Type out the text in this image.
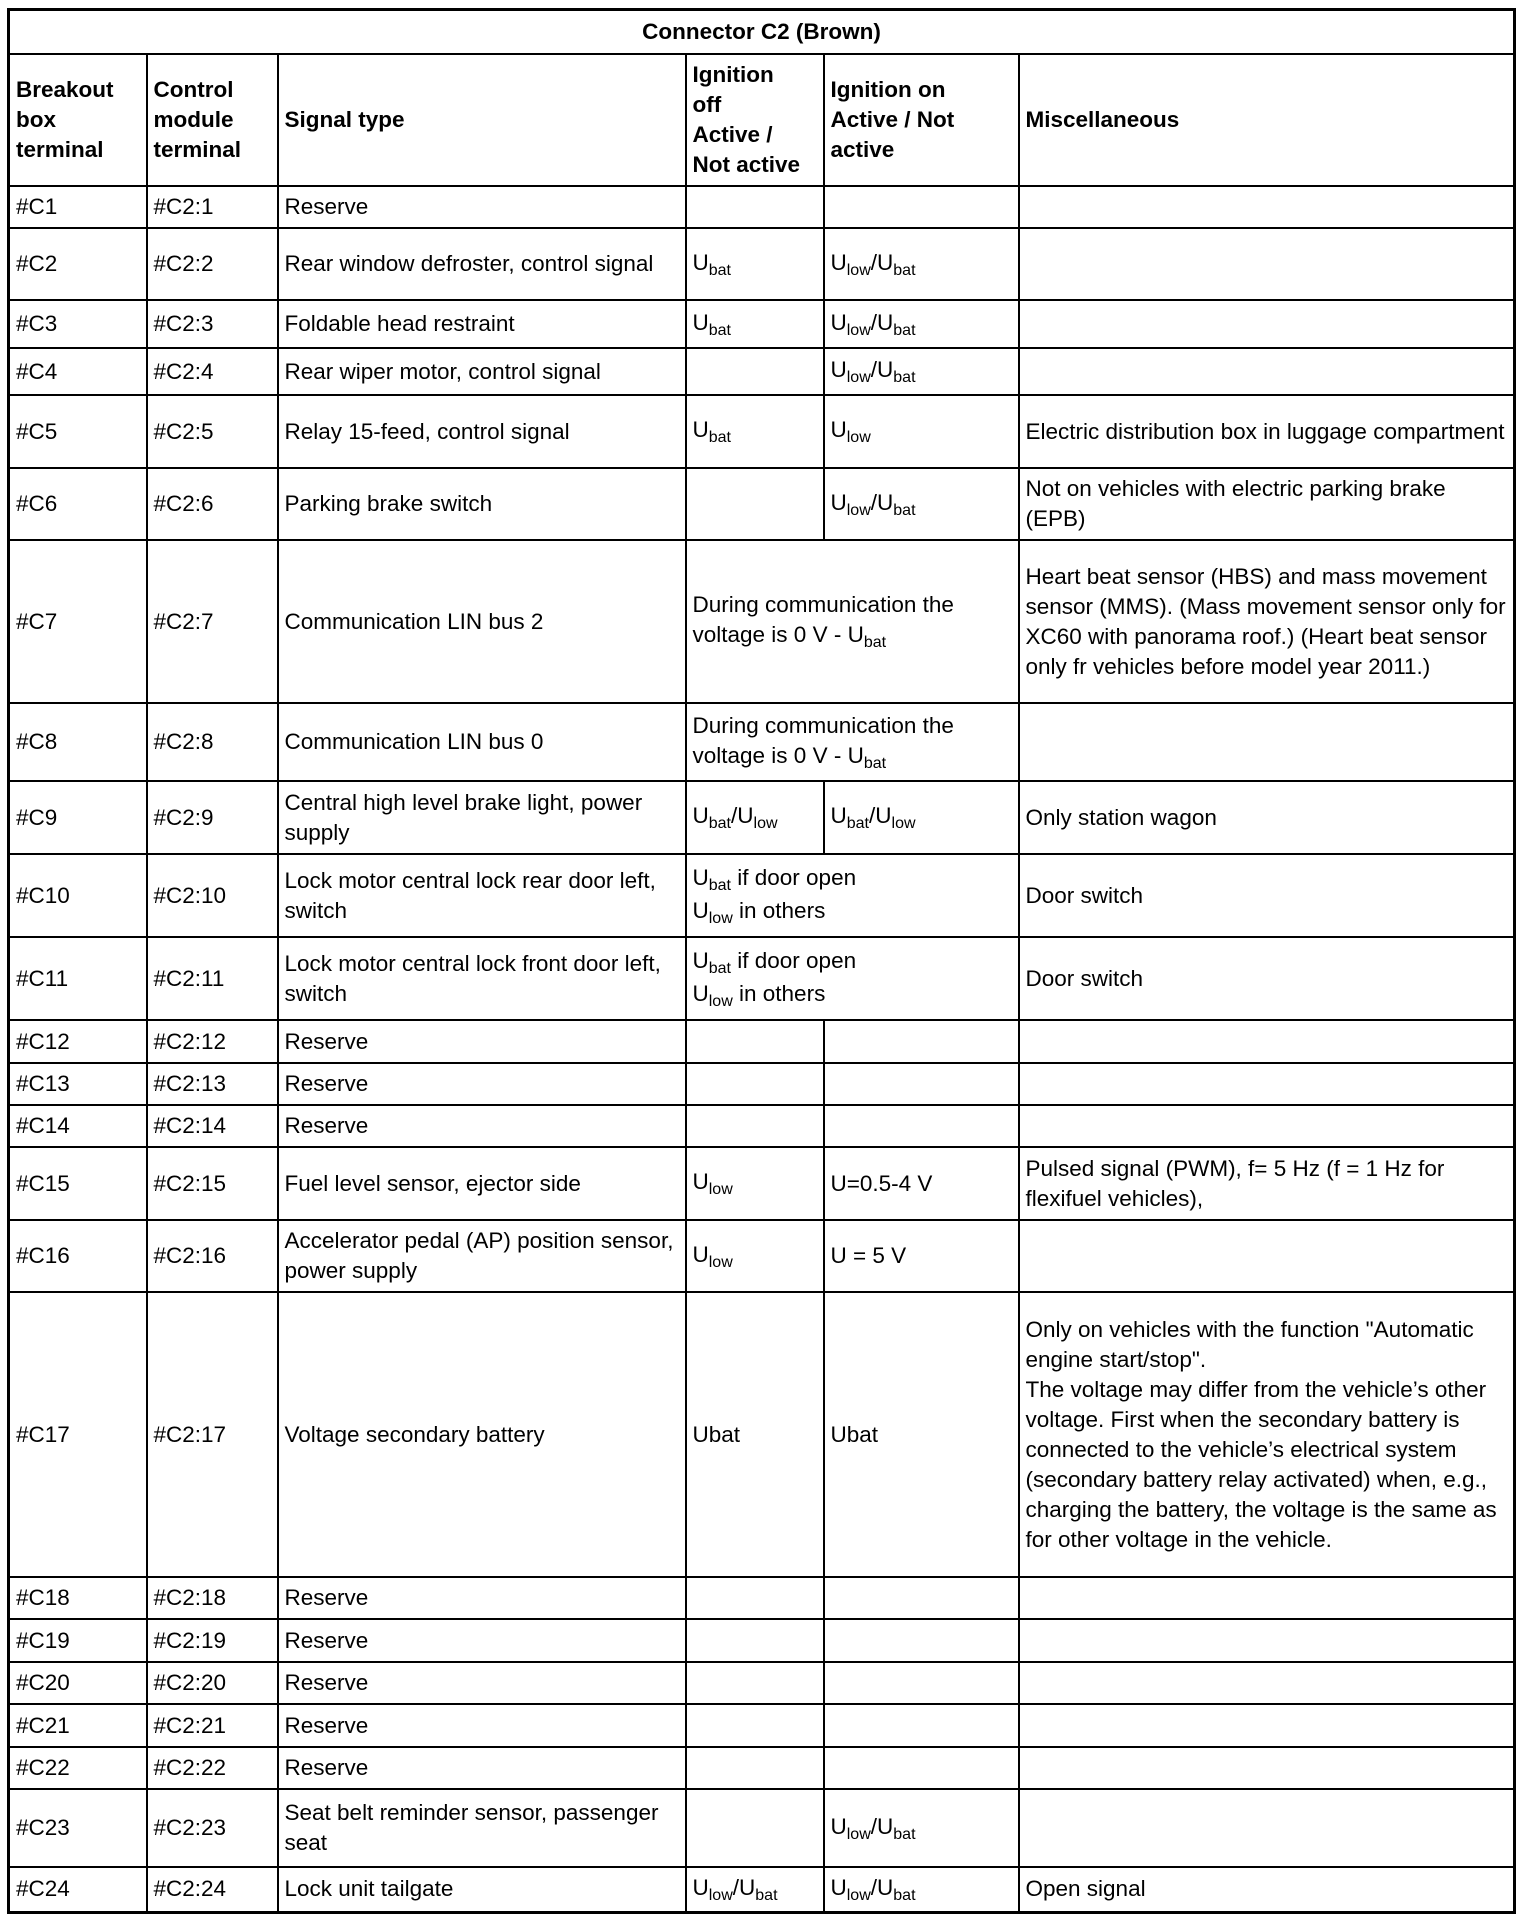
Connector C2 (Brown)					

Breakout
box
terminal	Control
module
terminal	Signal type	Ignition
off
Active /
Not active	Ignition on
Active / Not
active	Miscellaneous

#C1	#C2:1	Reserve			
#C2	#C2:2	Rear window defroster, control signal	$U_{bat}$	$U_{low}/U_{bat}$	
#C3	#C2:3	Foldable head restraint	$U_{bat}$	$U_{low}/U_{bat}$	
#C4	#C2:4	Rear wiper motor, control signal		$U_{low}/U_{bat}$	
#C5	#C2:5	Relay 15-feed, control signal	$U_{bat}$	$U_{low}$	Electric distribution box in luggage compartment
#C6	#C2:6	Parking brake switch		$U_{low}/U_{bat}$	Not on vehicles with electric parking brake (EPB)
#C7	#C2:7	Communication LIN bus 2	During communication the voltage is 0 V - $U_{bat}$		Heart beat sensor (HBS) and mass movement sensor (MMS). (Mass movement sensor only for XC60 with panorama roof.) (Heart beat sensor only fr vehicles before model year 2011.)
#C8	#C2:8	Communication LIN bus 0	During communication the voltage is 0 V - $U_{bat}$	
#C9	#C2:9	Central high level brake light, power supply	$U_{bat}/U_{low}$	$U_{bat}/U_{low}$	Only station wagon
#C10	#C2:10	Lock motor central lock rear door left, switch	$U_{bat}$ if door open
$U_{low}$ in others		Door switch
#C11	#C2:11	Lock motor central lock front door left, switch	$U_{bat}$ if door open
$U_{low}$ in others		Door switch
#C12	#C2:12	Reserve			
#C13	#C2:13	Reserve			
#C14	#C2:14	Reserve			
#C15	#C2:15	Fuel level sensor, ejector side	$U_{low}$	U=0.5-4 V	Pulsed signal (PWM), f= 5 Hz (f = 1 Hz for flexifuel vehicles),
#C16	#C2:16	Accelerator pedal (AP) position sensor, power supply	$U_{low}$	U = 5 V	
#C17	#C2:17	Voltage secondary battery	Ubat	Ubat	Only on vehicles with the function "Automatic engine start/stop".
The voltage may differ from the vehicle’s other voltage. First when the secondary battery is connected to the vehicle’s electrical system (secondary battery relay activated) when, e.g., charging the battery, the voltage is the same as for other voltage in the vehicle.
#C18	#C2:18	Reserve			
#C19	#C2:19	Reserve			
#C20	#C2:20	Reserve			
#C21	#C2:21	Reserve			
#C22	#C2:22	Reserve			
#C23	#C2:23	Seat belt reminder sensor, passenger seat		$U_{low}/U_{bat}$	
#C24	#C2:24	Lock unit tailgate	$U_{low}/U_{bat}$	$U_{low}/U_{bat}$	Open signal
